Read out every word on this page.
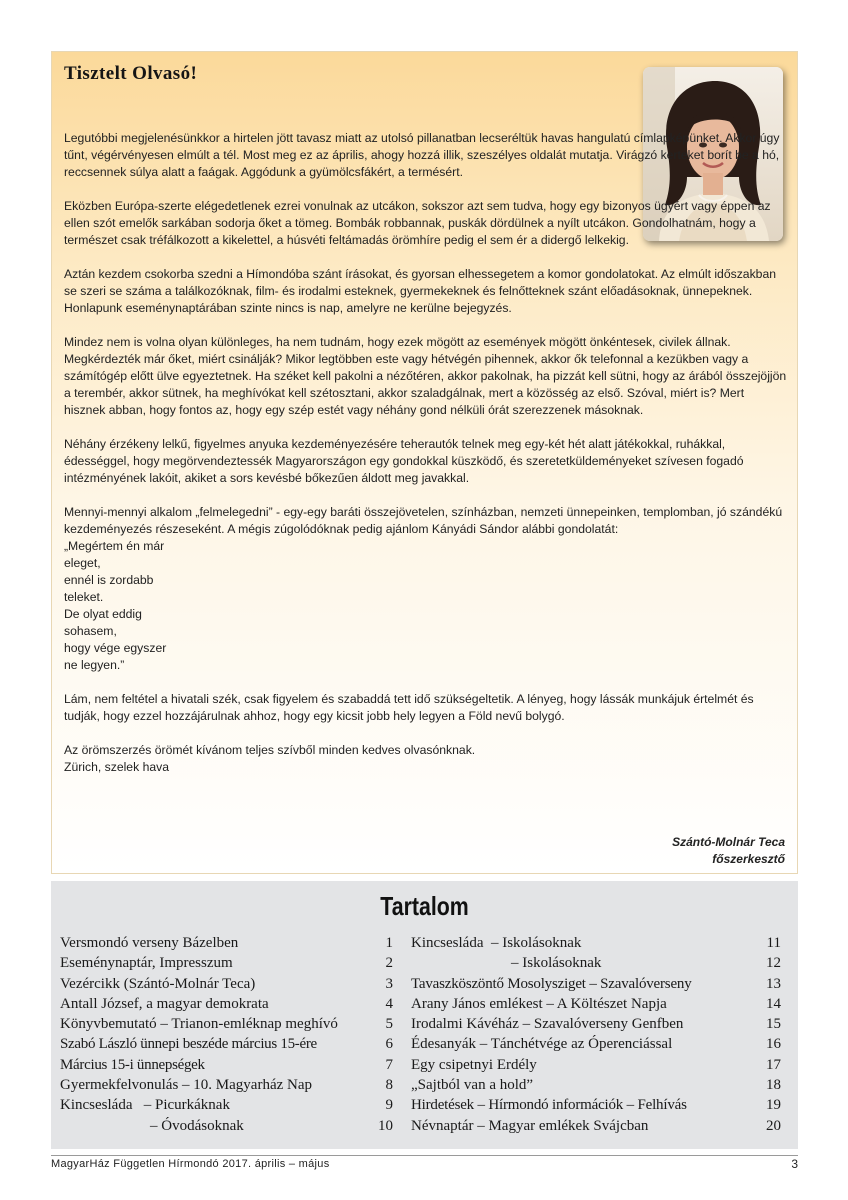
Tisztelt Olvasó!

Legutóbbi megjelenésünkkor a hirtelen jött tavasz miatt az utolsó pillanatban lecseréltük havas hangulatú címlapképünket. Akkor úgy tűnt, végérvényesen elmúlt a tél. Most meg ez az április, ahogy hozzá illik, szeszélyes oldalát mutatja. Virágzó kerteket borít be a hó, reccsennek súlya alatt a faágak. Aggódunk a gyümölcsfákért, a termésért.

Eközben Európa-szerte elégedetlenek ezrei vonulnak az utcákon, sokszor azt sem tudva, hogy egy bizonyos ügyért vagy éppen az ellen szót emelők sarkában sodorja őket a tömeg. Bombák robbannak, puskák dördülnek a nyílt utcákon. Gondolhatnám, hogy a természet csak tréfálkozott a kikelettel, a húsvéti feltámadás örömhíre pedig el sem ér a didergő lelkekig.

Aztán kezdem csokorba szedni a Hímondóba szánt írásokat, és gyorsan elhessegetem a komor gondolatokat. Az elmúlt időszakban se szeri se száma a találkozóknak, film- és irodalmi esteknek, gyermekeknek és felnőtteknek szánt előadásoknak, ünnepeknek. Honlapunk eseménynaptárában szinte nincs is nap, amelyre ne kerülne bejegyzés.

Mindez nem is volna olyan különleges, ha nem tudnám, hogy ezek mögött az események mögött önkéntesek, civilek állnak. Megkérdezték már őket, miért csinálják? Mikor legtöbben este vagy hétvégén pihennek, akkor ők telefonnal a kezükben vagy a számítógép előtt ülve egyeztetnek. Ha széket kell pakolni a nézőtéren, akkor pakolnak, ha pizzát kell sütni, hogy az árából összejöjjön a terembér, akkor sütnek, ha meghívókat kell szétosztani, akkor szaladgálnak, mert a közösség az első. Szóval, miért is? Mert hisznek abban, hogy fontos az, hogy egy szép estét vagy néhány gond nélküli órát szerezzenek másoknak.

Néhány érzékeny lelkű, figyelmes anyuka kezdeményezésére teherautók telnek meg egy-két hét alatt játékokkal, ruhákkal, édességgel, hogy megörvendeztessék Magyarországon egy gondokkal küszködő, és szeretetküldeményeket szívesen fogadó intézményének lakóit, akiket a sors kevésbé bőkezűen áldott meg javakkal.

Mennyi-mennyi alkalom „felmelegedni” - egy-egy baráti összejövetelen, színházban, nemzeti ünnepeinken, templomban, jó szándékú kezdeményezés részeseként. A mégis zúgolódóknak pedig ajánlom Kányádi Sándor alábbi gondolatát:

„Megértem én már
eleget,
ennél is zordabb
teleket.
De olyat eddig
sohasem,
hogy vége egyszer
ne legyen.”

Lám, nem feltétel a hivatali szék, csak figyelem és szabaddá tett idő szükségeltetik. A lényeg, hogy lássák munkájuk értelmét és tudják, hogy ezzel hozzájárulnak ahhoz, hogy egy kicsit jobb hely legyen a Föld nevű bolygó.

Az örömszerzés örömét kívánom teljes szívből minden kedves olvasónknak.

Zürich, szelek hava

Szántó-Molnár Teca
főszerkesztő
Tartalom
Versmondó verseny Bázelben	1
Eseménynaptár, Impresszum	2
Vezércikk (Szántó-Molnár Teca)	3
Antall József, a magyar demokrata	4
Könyvbemutató – Trianon-emléknap meghívó	5
Szabó László ünnepi beszéde március 15-ére	6
Március 15-i ünnepségek	7
Gyermekfelvonulás – 10. Magyarház Nap	8
Kincsesláda   – Picurkáknak	9
– Óvodásoknak	10
Kincsesláda  – Iskolásoknak	11
– Iskolásoknak	12
Tavaszköszöntő Mosolysziget – Szavalóverseny	13
Arany János emlékest – A Költészet Napja	14
Irodalmi Kávéház – Szavalóverseny Genfben	15
Édesanyák – Tánchétvége az Óperenciással	16
Egy csipetnyi Erdély	17
„Sajtból van a hold”	18
Hirdetések – Hírmondó információk – Felhívás	19
Névnaptár – Magyar emlékek Svájcban	20
MagyarHáz Független Hírmondó 2017. április – május	3
